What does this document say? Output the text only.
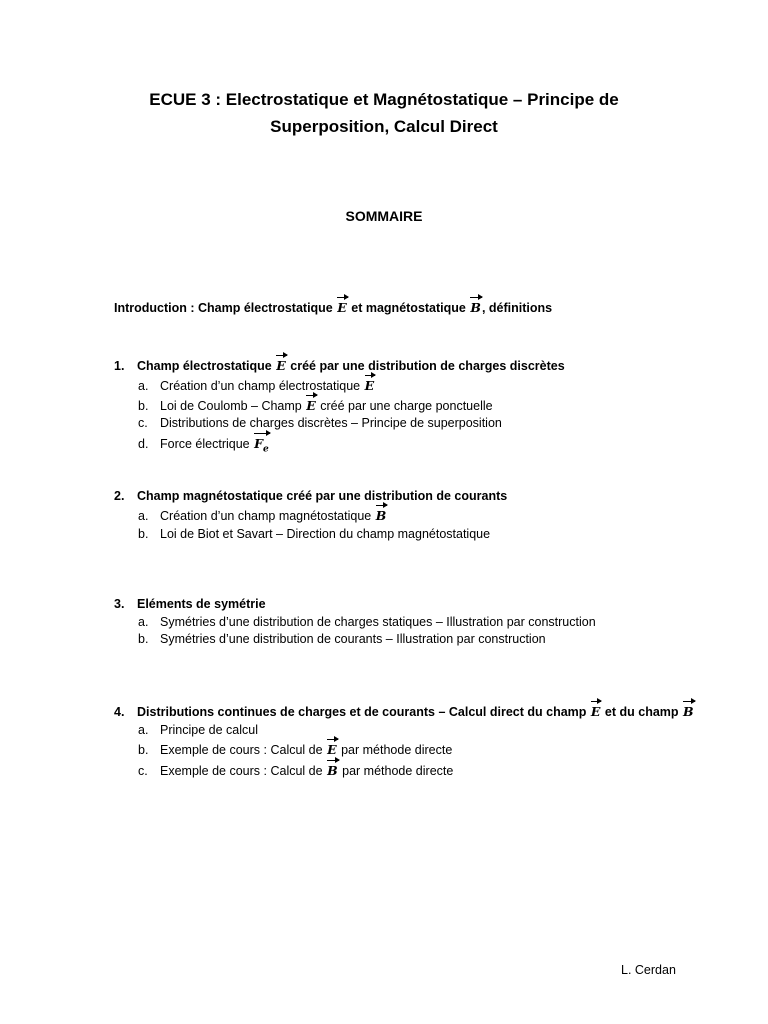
ECUE 3 : Electrostatique et Magnétostatique – Principe de
Superposition, Calcul Direct
SOMMAIRE
Introduction : Champ électrostatique E et magnétostatique B, définitions
1. Champ électrostatique E créé par une distribution de charges discrètes
a. Création d’un champ électrostatique E
b. Loi de Coulomb – Champ E créé par une charge ponctuelle
c. Distributions de charges discrètes – Principe de superposition
d. Force électrique $F_e$
2. Champ magnétostatique créé par une distribution de courants
a. Création d’un champ magnétostatique B
b. Loi de Biot et Savart – Direction du champ magnétostatique
3. Eléments de symétrie
a. Symétries d’une distribution de charges statiques – Illustration par construction
b. Symétries d’une distribution de courants – Illustration par construction
4. Distributions continues de charges et de courants – Calcul direct du champ E et du champ B
a. Principe de calcul
b. Exemple de cours : Calcul de E par méthode directe
c. Exemple de cours : Calcul de B par méthode directe
L. Cerdan
